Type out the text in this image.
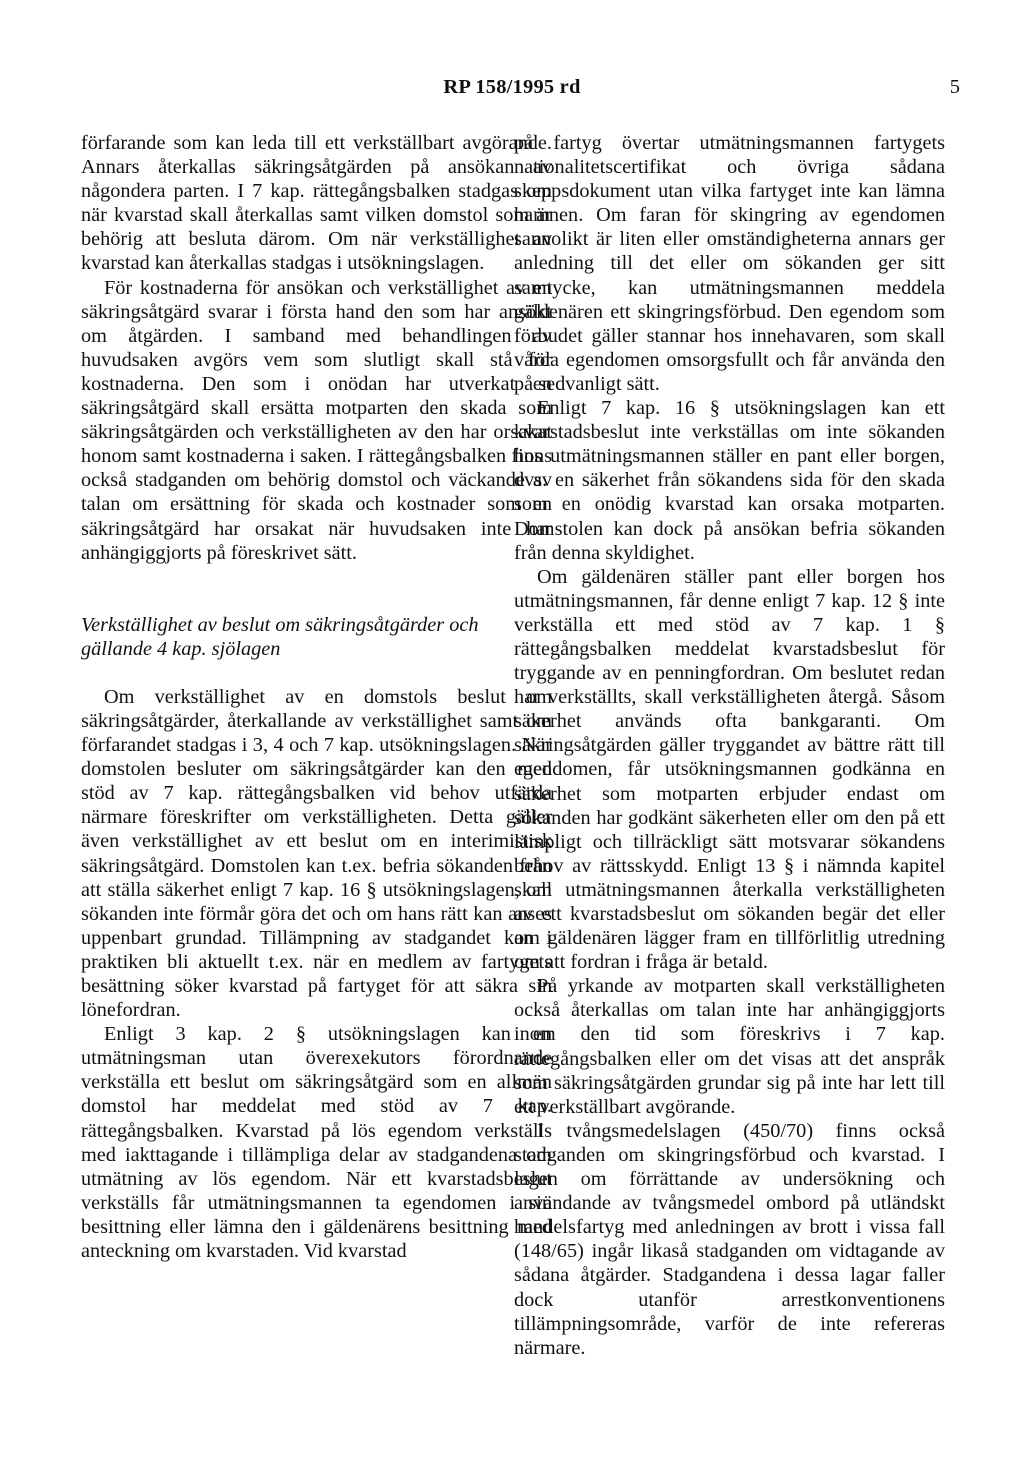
RP 158/1995 rd	5

förfarande som kan leda till ett verkställbart avgörande. Annars återkallas säkringsåtgärden på ansökan av någondera parten. I 7 kap. rättegångsbalken stadgas om när kvarstad skall återkallas samt vilken domstol som är behörig att besluta därom. Om när verkställighet av kvarstad kan återkallas stadgas i utsökningslagen.

För kostnaderna för ansökan och verkställighet av en säkringsåtgärd svarar i första hand den som har ansökt om åtgärden. I samband med behandlingen av huvudsaken avgörs vem som slutligt skall stå för kostnaderna. Den som i onödan har utverkat en säkringsåtgärd skall ersätta motparten den skada som säkringsåtgärden och verkställigheten av den har orsakat honom samt kostnaderna i saken. I rättegångsbalken finns också stadganden om behörig domstol och väckande av talan om ersättning för skada och kostnader som en säkringsåtgärd har orsakat när huvudsaken inte har anhängiggjorts på föreskrivet sätt.

Verkställighet av beslut om säkringsåtgärder och gällande 4 kap. sjölagen

Om verkställighet av en domstols beslut om säkringsåtgärder, återkallande av verkställighet samt om förfarandet stadgas i 3, 4 och 7 kap. utsökningslagen. När domstolen besluter om säkringsåtgärder kan den med stöd av 7 kap. rättegångsbalken vid behov utfärda närmare föreskrifter om verkställigheten. Detta gäller även verkställighet av ett beslut om en interimistisk säkringsåtgärd. Domstolen kan t.ex. befria sökanden från att ställa säkerhet enligt 7 kap. 16 § utsökningslagen, om sökanden inte förmår göra det och om hans rätt kan anses uppenbart grundad. Tillämpning av stadgandet kan i praktiken bli aktuellt t.ex. när en medlem av fartygets besättning söker kvarstad på fartyget för att säkra sin lönefordran.

Enligt 3 kap. 2 § utsökningslagen kan en utmätningsman utan överexekutors förordnande verkställa ett beslut om säkringsåtgärd som en allmän domstol har meddelat med stöd av 7 kap. rättegångsbalken. Kvarstad på lös egendom verkställs med iakttagande i tillämpliga delar av stadgandena om utmätning av lös egendom. När ett kvarstadsbeslut verkställs får utmätningsmannen ta egendomen i sin besittning eller lämna den i gäldenärens besittning med anteckning om kvarstaden. Vid kvarstad

på fartyg övertar utmätningsmannen fartygets nationalitetscertifikat och övriga sådana skeppsdokument utan vilka fartyget inte kan lämna hamnen. Om faran för skingring av egendomen sannolikt är liten eller omständigheterna annars ger anledning till det eller om sökanden ger sitt samtycke, kan utmätningsmannen meddela gäldenären ett skingringsförbud. Den egendom som förbudet gäller stannar hos innehavaren, som skall vårda egendomen omsorgsfullt och får använda den på sedvanligt sätt.

Enligt 7 kap. 16 § utsökningslagen kan ett kvarstadsbeslut inte verkställas om inte sökanden hos utmätningsmannen ställer en pant eller borgen, dvs. en säkerhet från sökandens sida för den skada som en onödig kvarstad kan orsaka motparten. Domstolen kan dock på ansökan befria sökanden från denna skyldighet.

Om gäldenären ställer pant eller borgen hos utmätningsmannen, får denne enligt 7 kap. 12 § inte verkställa ett med stöd av 7 kap. 1 § rättegångsbalken meddelat kvarstadsbeslut för tryggande av en penningfordran. Om beslutet redan har verkställts, skall verkställigheten återgå. Såsom säkerhet används ofta bankgaranti. Om säkringsåtgärden gäller tryggandet av bättre rätt till egendomen, får utsökningsmannen godkänna en säkerhet som motparten erbjuder endast om sökanden har godkänt säkerheten eller om den på ett lämpligt och tillräckligt sätt motsvarar sökandens behov av rättsskydd. Enligt 13 § i nämnda kapitel skall utmätningsmannen återkalla verkställigheten av ett kvarstadsbeslut om sökanden begär det eller om gäldenären lägger fram en tillförlitlig utredning om att fordran i fråga är betald.

På yrkande av motparten skall verkställigheten också återkallas om talan inte har anhängiggjorts inom den tid som föreskrivs i 7 kap. rättegångsbalken eller om det visas att det anspråk som säkringsåtgärden grundar sig på inte har lett till ett verkställbart avgörande.

I tvångsmedelslagen (450/70) finns också stadganden om skingringsförbud och kvarstad. I lagen om förrättande av undersökning och användande av tvångsmedel ombord på utländskt handelsfartyg med anledningen av brott i vissa fall (148/65) ingår likaså stadganden om vidtagande av sådana åtgärder. Stadgandena i dessa lagar faller dock utanför arrestkonventionens tillämpningsområde, varför de inte refereras närmare.
